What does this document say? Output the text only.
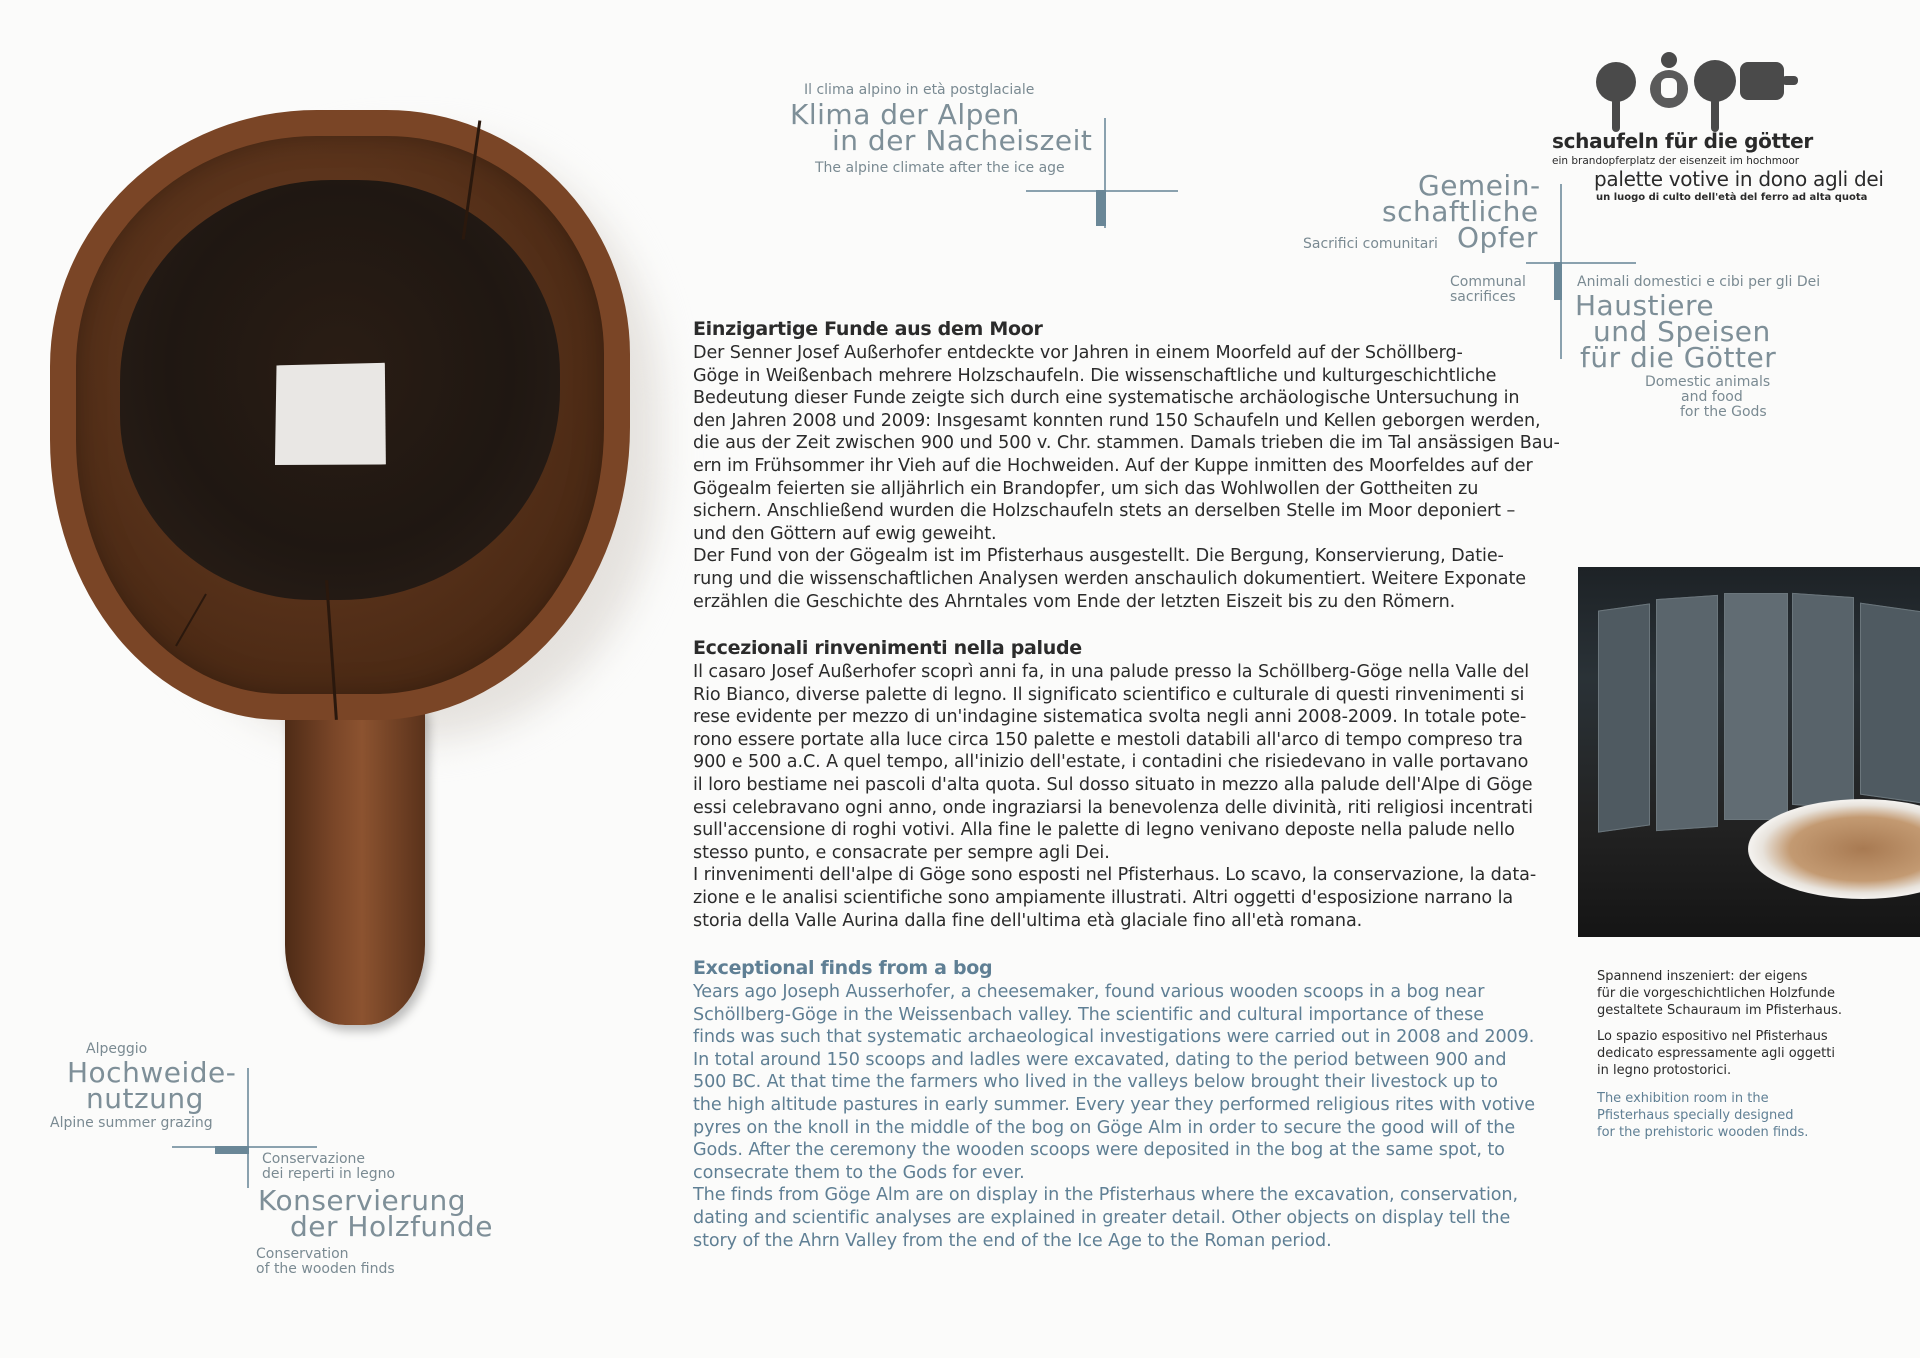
schaufeln für die götter
ein brandopferplatz der eisenzeit im hochmoor
palette votive in dono agli dei
un luogo di culto dell'età del ferro ad alta quota
Il clima alpino in età postglaciale
Klima der Alpen
in der Nacheiszeit
The alpine climate after the ice age
Gemein-
schaftliche
Sacrifici comunitari Opfer
Communal
sacrifices
Animali domestici e cibi per gli Dei
Haustiere
und Speisen
für die Götter
Domestic animals
and food
for the Gods
Alpeggio
Hochweide-
nutzung
Alpine summer grazing
Conservazione
dei reperti in legno
Konservierung
der Holzfunde
Conservation
of the wooden finds
Einzigartige Funde aus dem Moor
Der Senner Josef Außerhofer entdeckte vor Jahren in einem Moorfeld auf der Schöllberg-
Göge in Weißenbach mehrere Holzschaufeln. Die wissenschaftliche und kulturgeschichtliche
Bedeutung dieser Funde zeigte sich durch eine systematische archäologische Untersuchung in
den Jahren 2008 und 2009: Insgesamt konnten rund 150 Schaufeln und Kellen geborgen werden,
die aus der Zeit zwischen 900 und 500 v. Chr. stammen. Damals trieben die im Tal ansässigen Bau-
ern im Frühsommer ihr Vieh auf die Hochweiden. Auf der Kuppe inmitten des Moorfeldes auf der
Gögealm feierten sie alljährlich ein Brandopfer, um sich das Wohlwollen der Gottheiten zu
sichern. Anschließend wurden die Holzschaufeln stets an derselben Stelle im Moor deponiert –
und den Göttern auf ewig geweiht.
Der Fund von der Gögealm ist im Pfisterhaus ausgestellt. Die Bergung, Konservierung, Datie-
rung und die wissenschaftlichen Analysen werden anschaulich dokumentiert. Weitere Exponate
erzählen die Geschichte des Ahrntales vom Ende der letzten Eiszeit bis zu den Römern.
Eccezionali rinvenimenti nella palude
Il casaro Josef Außerhofer scoprì anni fa, in una palude presso la Schöllberg-Göge nella Valle del
Rio Bianco, diverse palette di legno. Il significato scientifico e culturale di questi rinvenimenti si
rese evidente per mezzo di un'indagine sistematica svolta negli anni 2008-2009. In totale pote-
rono essere portate alla luce circa 150 palette e mestoli databili all'arco di tempo compreso tra
900 e 500 a.C. A quel tempo, all'inizio dell'estate, i contadini che risiedevano in valle portavano
il loro bestiame nei pascoli d'alta quota. Sul dosso situato in mezzo alla palude dell'Alpe di Göge
essi celebravano ogni anno, onde ingraziarsi la benevolenza delle divinità, riti religiosi incentrati
sull'accensione di roghi votivi. Alla fine le palette di legno venivano deposte nella palude nello
stesso punto, e consacrate per sempre agli Dei.
I rinvenimenti dell'alpe di Göge sono esposti nel Pfisterhaus. Lo scavo, la conservazione, la data-
zione e le analisi scientifiche sono ampiamente illustrati. Altri oggetti d'esposizione narrano la
storia della Valle Aurina dalla fine dell'ultima età glaciale fino all'età romana.
Exceptional finds from a bog
Years ago Joseph Ausserhofer, a cheesemaker, found various wooden scoops in a bog near
Schöllberg-Göge in the Weissenbach valley. The scientific and cultural importance of these
finds was such that systematic archaeological investigations were carried out in 2008 and 2009.
In total around 150 scoops and ladles were excavated, dating to the period between 900 and
500 BC. At that time the farmers who lived in the valleys below brought their livestock up to
the high altitude pastures in early summer. Every year they performed religious rites with votive
pyres on the knoll in the middle of the bog on Göge Alm in order to secure the good will of the
Gods. After the ceremony the wooden scoops were deposited in the bog at the same spot, to
consecrate them to the Gods for ever.
The finds from Göge Alm are on display in the Pfisterhaus where the excavation, conservation,
dating and scientific analyses are explained in greater detail. Other objects on display tell the
story of the Ahrn Valley from the end of the Ice Age to the Roman period.
Spannend inszeniert: der eigens
für die vorgeschichtlichen Holzfunde
gestaltete Schauraum im Pfisterhaus.
Lo spazio espositivo nel Pfisterhaus
dedicato espressamente agli oggetti
in legno protostorici.
The exhibition room in the
Pfisterhaus specially designed
for the prehistoric wooden finds.
